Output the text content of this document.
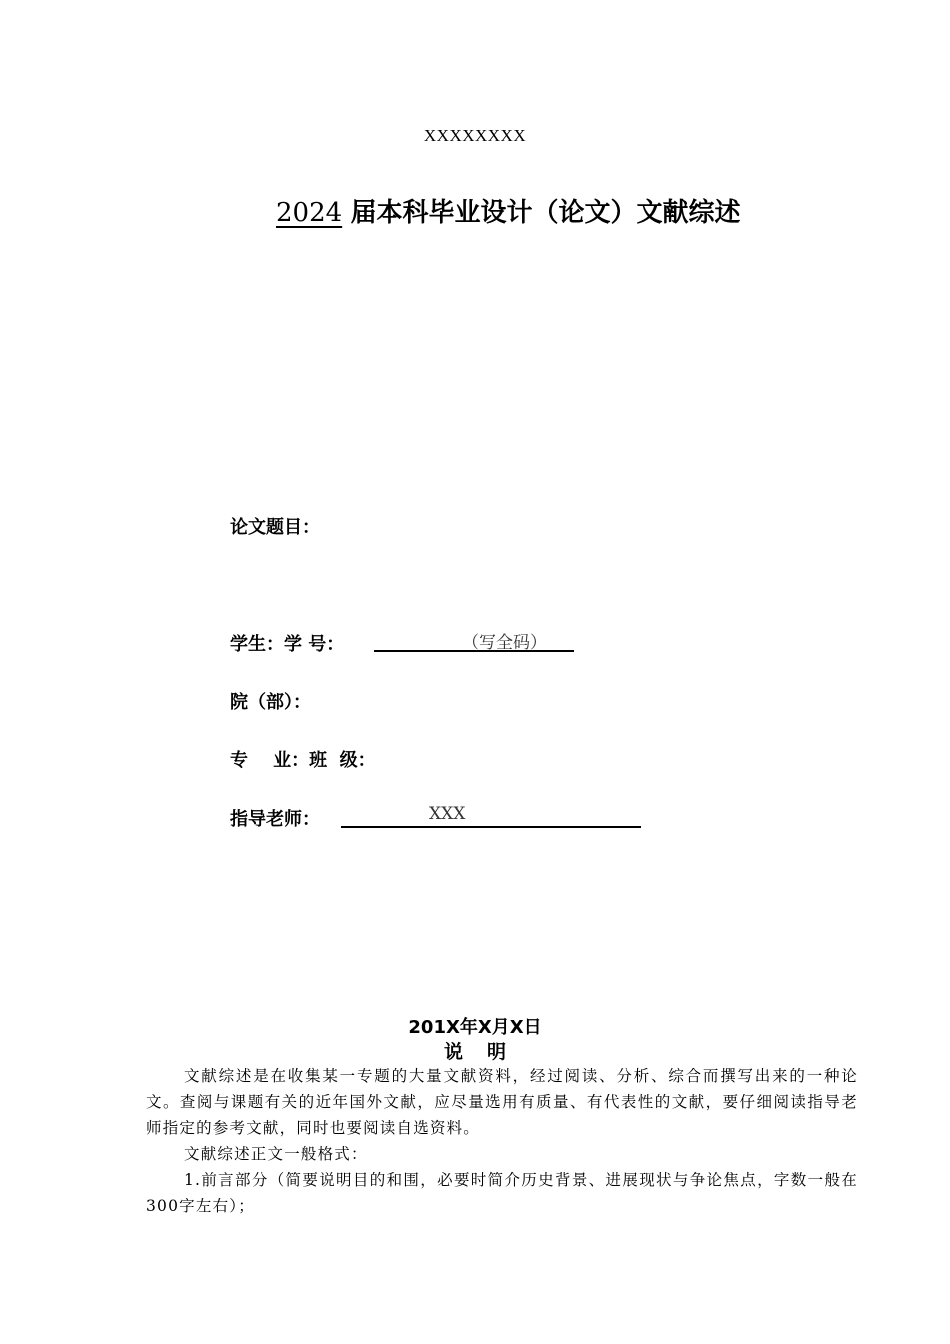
XXXXXXXX
2024 届本科毕业设计（论文）文献综述
论文题目：
学生：学 号：	（写全码）
院（部）：
专    业：班  级：
指导老师：	XXX
201X年X月X日
说明
文献综述是在收集某一专题的大量文献资料，经过阅读、分析、综合而撰写出来的一种论文。查阅与课题有关的近年国外文献，应尽量选用有质量、有代表性的文献，要仔细阅读指导老师指定的参考文献，同时也要阅读自选资料。
文献综述正文一般格式：
1.前言部分（简要说明目的和围，必要时简介历史背景、进展现状与争论焦点，字数一般在300字左右）；
